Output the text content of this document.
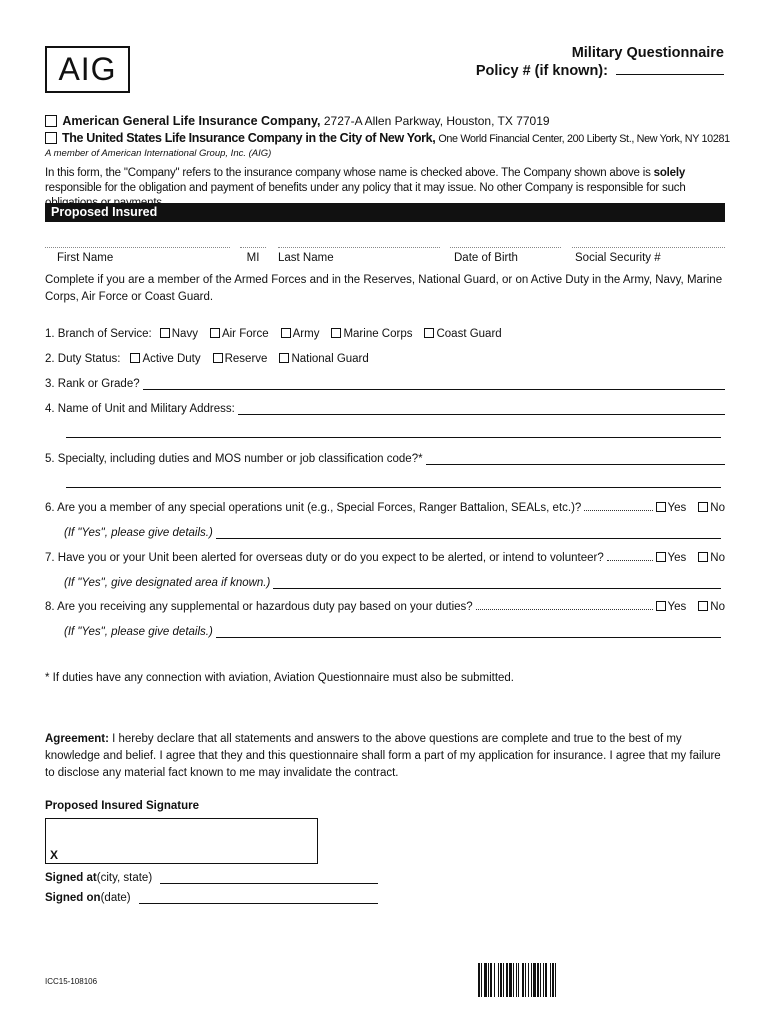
AIG	Military Questionnaire
Policy # (if known):
American General Life Insurance Company, 2727-A Allen Parkway, Houston, TX 77019
The United States Life Insurance Company in the City of New York, One World Financial Center, 200 Liberty St., New York, NY 10281
A member of American International Group, Inc. (AIG)
In this form, the "Company" refers to the insurance company whose name is checked above. The Company shown above is solely responsible for the obligation and payment of benefits under any policy that it may issue. No other Company is responsible for such
Proposed Insured
First Name	MI	Last Name	Date of Birth	Social Security #
Complete if you are a member of the Armed Forces and in the Reserves, National Guard, or on Active Duty in the Army, Navy, Marine Corps, Air Force or Coast Guard.
1. Branch of Service:	Navy	Air Force	Army	Marine Corps	Coast Guard
2. Duty Status:	Active Duty	Reserve	National Guard
3. Rank or Grade?
4. Name of Unit and Military Address:
5. Specialty, including duties and MOS number or job classification code?*
6. Are you a member of any special operations unit (e.g., Special Forces, Ranger Battalion, SEALs, etc.)?	Yes	No
(If "Yes", please give details.)
7. Have you or your Unit been alerted for overseas duty or do you expect to be alerted, or intend to volunteer?	Yes	No
(If "Yes", give designated area if known.)
8. Are you receiving any supplemental or hazardous duty pay based on your duties?	Yes	No
(If "Yes", please give details.)
* If duties have any connection with aviation, Aviation Questionnaire must also be submitted.
Agreement: I hereby declare that all statements and answers to the above questions are complete and true to the best of my knowledge and belief. I agree that they and this questionnaire shall form a part of my application for insurance. I agree that my failure to disclose any material fact known to me may invalidate the contract.
Proposed Insured Signature
X
Signed at (city, state)
Signed on (date)
ICC15-108106
